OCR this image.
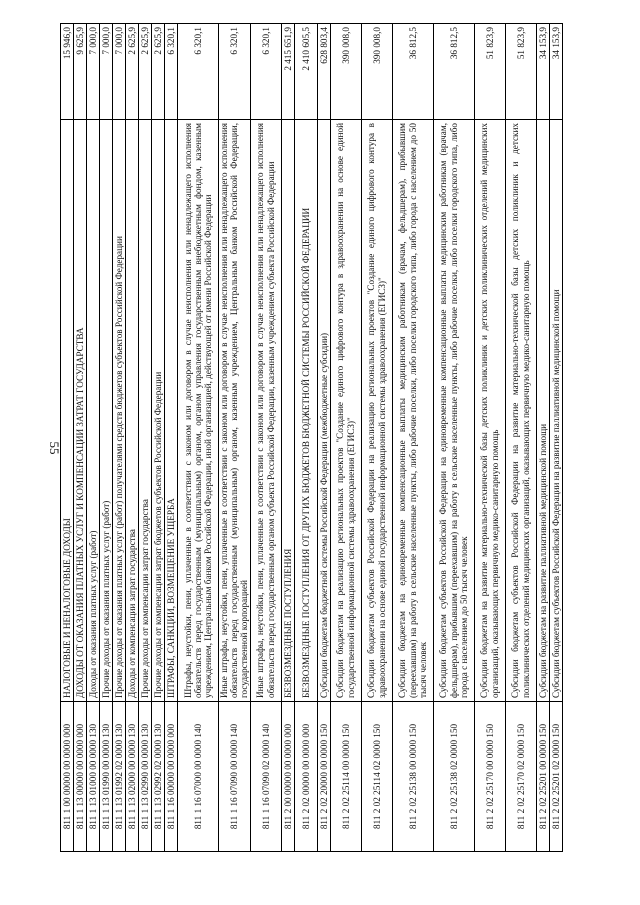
55
811 1 00 00000 00 0000 000	НАЛОГОВЫЕ И НЕНАЛОГОВЫЕ ДОХОДЫ	15 946,0
811 1 13 00000 00 0000 000	ДОХОДЫ ОТ ОКАЗАНИЯ ПЛАТНЫХ УСЛУГ И КОМПЕНСАЦИИ ЗАТРАТ ГОСУДАРСТВА	9 625,9
811 1 13 01000 00 0000 130	Доходы от оказания платных услуг (работ)	7 000,0
811 1 13 01990 00 0000 130	Прочие доходы от оказания платных услуг (работ)	7 000,0
811 1 13 01992 02 0000 130	Прочие доходы от оказания платных услуг (работ) получателями средств бюджетов субъектов Российской Федерации	7 000,0
811 1 13 02000 00 0000 130	Доходы от компенсации затрат государства	2 625,9
811 1 13 02990 00 0000 130	Прочие доходы от компенсации затрат государства	2 625,9
811 1 13 02992 02 0000 130	Прочие доходы от компенсации затрат бюджетов субъектов Российской Федерации	2 625,9
811 1 16 00000 00 0000 000	ШТРАФЫ, САНКЦИИ, ВОЗМЕЩЕНИЕ УЩЕРБА	6 320,1
811 1 16 07000 00 0000 140	Штрафы, неустойки, пени, уплаченные в соответствии с законом или договором в случае неисполнения или ненадлежащего исполнения обязательств перед государственным (муниципальным) органом, органом управления государственным внебюджетным фондом, казенным учреждением, Центральным банком Российской Федерации, иной организацией, действующей от имени Российской Федерации	6 320,1
811 1 16 07090 00 0000 140	Иные штрафы, неустойки, пени, уплаченные в соответствии с законом или договором в случае неисполнения или ненадлежащего исполнения обязательств перед государственным (муниципальным) органом, казенным учреждением, Центральным банком Российской Федерации, государственной корпорацией	6 320,1
811 1 16 07090 02 0000 140	Иные штрафы, неустойки, пени, уплаченные в соответствии с законом или договором в случае неисполнения или ненадлежащего исполнения обязательств перед государственным органом субъекта Российской Федерации, казенным учреждением субъекта Российской Федерации	6 320,1
811 2 00 00000 00 0000 000	БЕЗВОЗМЕЗДНЫЕ ПОСТУПЛЕНИЯ	2 415 651,9
811 2 02 00000 00 0000 000	БЕЗВОЗМЕЗДНЫЕ ПОСТУПЛЕНИЯ ОТ ДРУГИХ БЮДЖЕТОВ БЮДЖЕТНОЙ СИСТЕМЫ РОССИЙСКОЙ ФЕДЕРАЦИИ	2 410 605,5
811 2 02 20000 00 0000 150	Субсидии бюджетам бюджетной системы Российской Федерации (межбюджетные субсидии)	628 803,4
811 2 02 25114 00 0000 150	Субсидии бюджетам на реализацию региональных проектов "Создание единого цифрового контура в здравоохранении на основе единой государственной информационной системы здравоохранения (ЕГИСЗ)"	390 008,0
811 2 02 25114 02 0000 150	Субсидии бюджетам субъектов Российской Федерации на реализацию региональных проектов "Создание единого цифрового контура в здравоохранении на основе единой государственной информационной системы здравоохранения (ЕГИСЗ)"	390 008,0
811 2 02 25138 00 0000 150	Субсидии бюджетам на единовременные компенсационные выплаты медицинским работникам (врачам, фельдшерам), прибывшим (переехавшим) на работу в сельские населенные пункты, либо рабочие поселки, либо поселки городского типа, либо города с населением до 50 тысяч человек	36 812,5
811 2 02 25138 02 0000 150	Субсидии бюджетам субъектов Российской Федерации на единовременные компенсационные выплаты медицинским работникам (врачам, фельдшерам), прибывшим (переехавшим) на работу в сельские населенные пункты, либо рабочие поселки, либо поселки городского типа, либо города с населением до 50 тысяч человек	36 812,5
811 2 02 25170 00 0000 150	Субсидии бюджетам на развитие материально-технической базы детских поликлиник и детских поликлинических отделений медицинских организаций, оказывающих первичную медико-санитарную помощь	51 823,9
811 2 02 25170 02 0000 150	Субсидии бюджетам субъектов Российской Федерации на развитие материально-технической базы детских поликлиник и детских поликлинических отделений медицинских организаций, оказывающих первичную медико-санитарную помощь	51 823,9
811 2 02 25201 00 0000 150	Субсидии бюджетам на развитие паллиативной медицинской помощи	34 153,9
811 2 02 25201 02 0000 150	Субсидии бюджетам субъектов Российской Федерации на развитие паллиативной медицинской помощи	34 153,9
